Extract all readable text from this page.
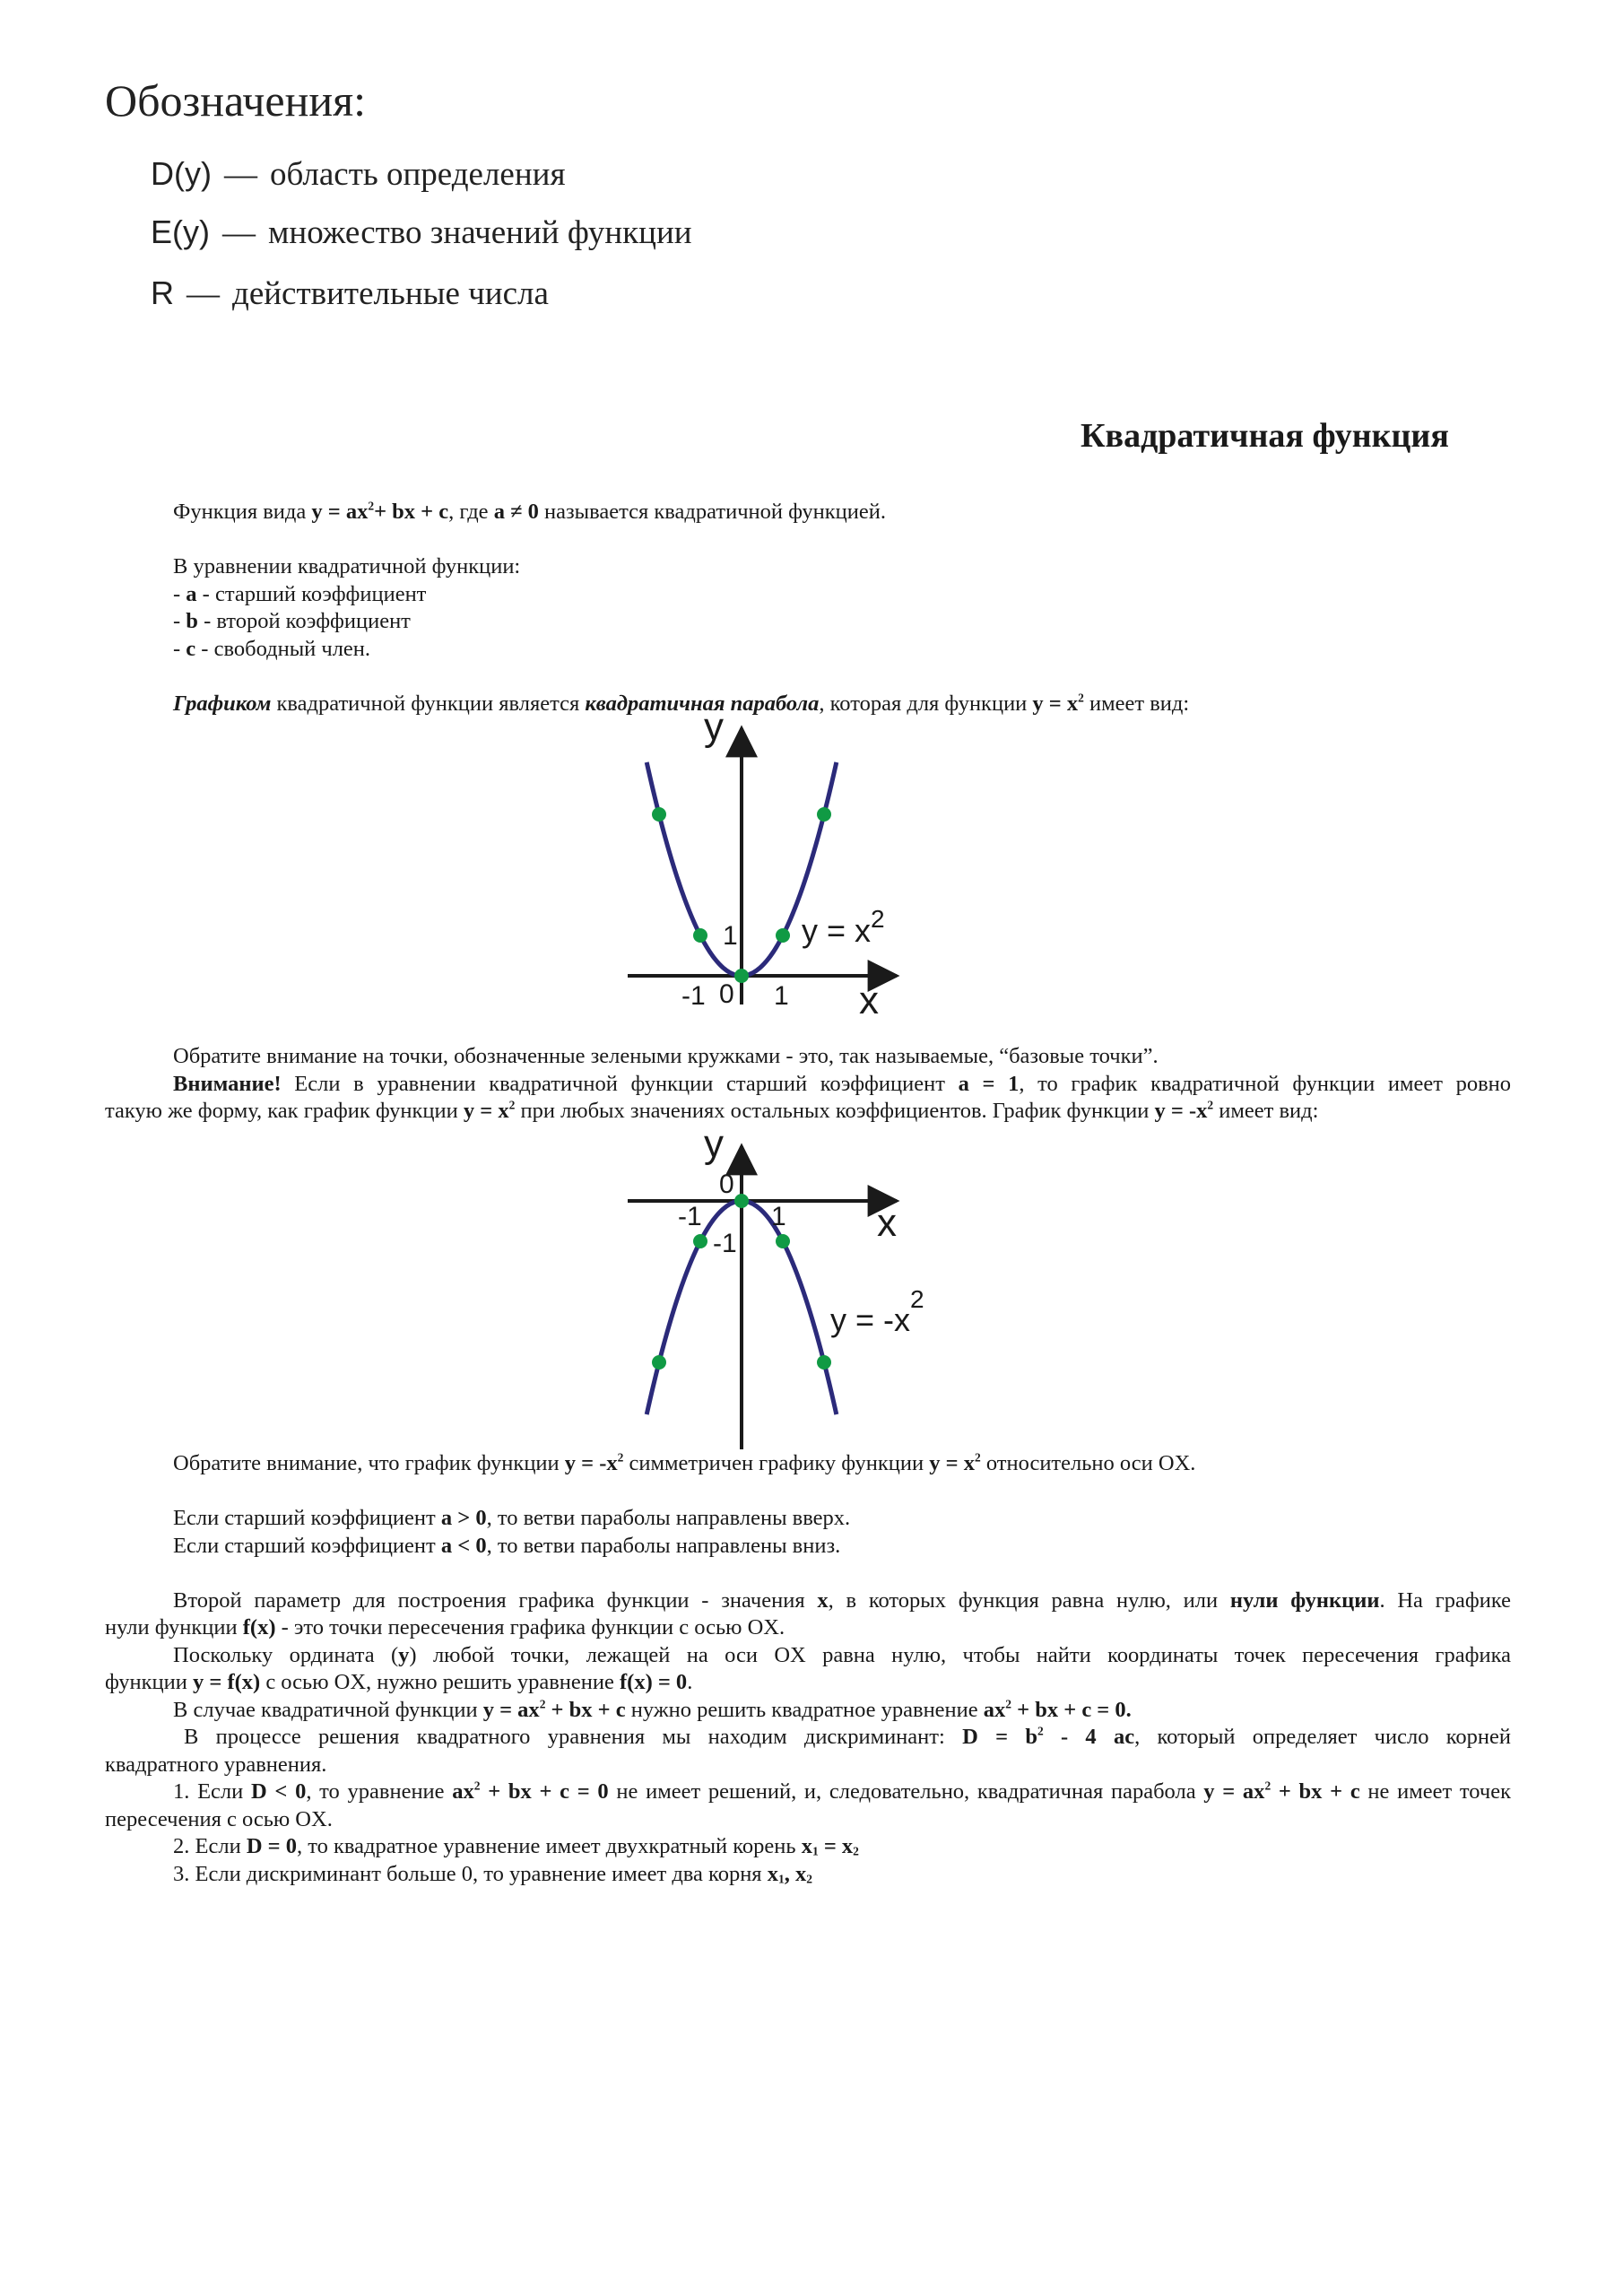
Обозначения:
D(y) — область определения
E(y) — множество значений функции
R — действительные числа
Квадратичная функция
Функция вида $y = ax^2+$ bx + c, где a ≠ 0 называется квадратичной функцией.
В уравнении квадратичной функции:
- a - старший коэффициент
- b - второй коэффициент
- c - свободный член.
Графиком квадратичной функции является квадратичная парабола, которая для функции $y = x^2$ имеет вид:
y
x
0
-1	1
1 $y = x^2$
Обратите внимание на точки, обозначенные зелеными кружками - это, так называемые, “базовые точки”.
Внимание! Если в уравнении квадратичной функции старший коэффициент a = 1, то график квадратичной функции имеет ровно
такую же форму, как график функции $y = x^2$ при любых значениях остальных коэффициентов. График функции $y = -x^2$ имеет вид:
y
x
0
-1	1
-1
$y = -x^2$
Обратите внимание, что график функции $y = -x^2$ симметричен графику функции $y = x^2$ относительно оси OX.
Если старший коэффициент a > 0, то ветви параболы направлены вверх.
Если старший коэффициент a < 0, то ветви параболы направлены вниз.
Второй параметр для построения графика функции - значения x, в которых функция равна нулю, или нули функции. На графике
нули функции f(x) - это точки пересечения графика функции с осью OX.
Поскольку ордината (y) любой точки, лежащей на оси OX равна нулю, чтобы найти координаты точек пересечения графика
функции y = f(x) с осью OX, нужно решить уравнение f(x) = 0.
В случае квадратичной функции $y = ax^2$ + bx + c нужно решить квадратное уравнение $ax^2$ + bx + c = 0.
В процессе решения квадратного уравнения мы находим дискриминант: $D = b^2 - 4$ ac, который определяет число корней
квадратного уравнения.
1. Если D < 0, то уравнение $ax^2$ + bx + c = 0 не имеет решений, и, следовательно, квадратичная парабола $y = ax^2$ + bx + c не имеет точек
пересечения с осью OX.
2. Если D = 0, то квадратное уравнение имеет двухкратный корень $x_1 = x_2$
3. Если дискриминант больше 0, то уравнение имеет два корня $x_1$, $x_2$
